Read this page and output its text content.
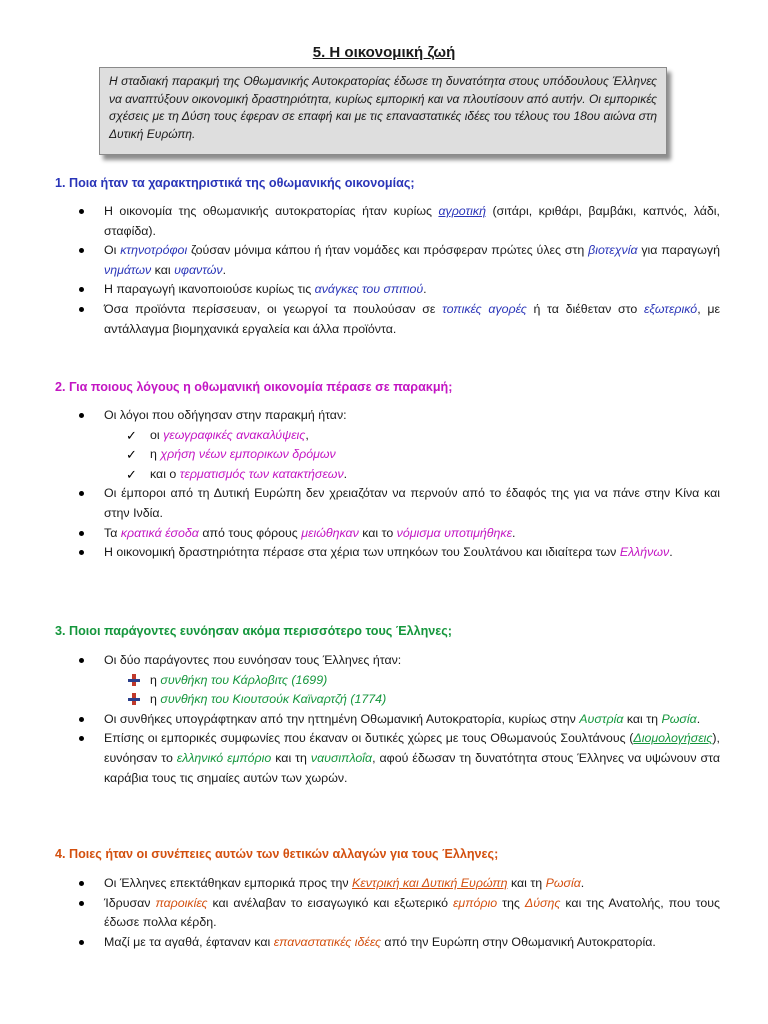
5. Η οικονομική ζωή
Η σταδιακή παρακμή της Οθωμανικής Αυτοκρατορίας έδωσε τη δυνατότητα στους υπόδουλους Έλληνες να αναπτύξουν οικονομική δραστηριότητα, κυρίως εμπορική και να πλουτίσουν από αυτήν. Οι εμπορικές σχέσεις με τη Δύση τους έφεραν σε επαφή και με τις επαναστατικές ιδέες του τέλους του 18ου αιώνα στη Δυτική Ευρώπη.
1. Ποια ήταν τα χαρακτηριστικά της οθωμανικής οικονομίας;
Η οικονομία της οθωμανικής αυτοκρατορίας ήταν κυρίως αγροτική (σιτάρι, κριθάρι, βαμβάκι, καπνός, λάδι, σταφίδα).
Οι κτηνοτρόφοι ζούσαν μόνιμα κάπου ή ήταν νομάδες και πρόσφεραν πρώτες ύλες στη βιοτεχνία για παραγωγή νημάτων και υφαντών.
Η παραγωγή ικανοποιούσε κυρίως τις ανάγκες του σπιτιού.
Όσα προϊόντα περίσσευαν, οι γεωργοί τα πουλούσαν σε τοπικές αγορές ή τα διέθεταν στο εξωτερικό, με αντάλλαγμα βιομηχανικά εργαλεία και άλλα προϊόντα.
2. Για ποιους λόγους η οθωμανική οικονομία πέρασε σε παρακμή;
Οι λόγοι που οδήγησαν στην παρακμή ήταν:
✓ οι γεωγραφικές ανακαλύψεις,
✓ η χρήση νέων εμπορικων δρόμων
✓ και ο τερματισμός των κατακτήσεων.
Οι έμποροι από τη Δυτική Ευρώπη δεν χρειαζόταν να περνούν από το έδαφός της για να πάνε στην Κίνα και στην Ινδία.
Τα κρατικά έσοδα από τους φόρους μειώθηκαν και το νόμισμα υποτιμήθηκε.
Η οικονομική δραστηριότητα πέρασε στα χέρια των υπηκόων του Σουλτάνου και ιδιαίτερα των Ελλήνων.
3. Ποιοι παράγοντες ευνόησαν ακόμα περισσότερο τους Έλληνες;
Οι δύο παράγοντες που ευνόησαν τους Έλληνες ήταν:
η συνθήκη του Κάρλοβιτς (1699)
η συνθήκη του Κιουτσούκ Καϊναρτζή (1774)
Οι συνθήκες υπογράφτηκαν από την ηττημένη Οθωμανική Αυτοκρατορία, κυρίως στην Αυστρία και τη Ρωσία.
Επίσης οι εμπορικές συμφωνίες που έκαναν οι δυτικές χώρες με τους Οθωμανούς Σουλτάνους (Διομολογήσεις), ευνόησαν το ελληνικό εμπόριο και τη ναυσιπλοΐα, αφού έδωσαν τη δυνατότητα στους Έλληνες να υψώνουν στα καράβια τους τις σημαίες αυτών των χωρών.
4. Ποιες ήταν οι συνέπειες αυτών των θετικών αλλαγών για τους Έλληνες;
Οι Έλληνες επεκτάθηκαν εμπορικά προς την Κεντρική και Δυτική Ευρώπη και τη Ρωσία.
Ίδρυσαν παροικίες και ανέλαβαν το εισαγωγικό και εξωτερικό εμπόριο της Δύσης και της Ανατολής, που τους έδωσε πολλα κέρδη.
Μαζί με τα αγαθά, έφταναν και επαναστατικές ιδέες από την Ευρώπη στην Οθωμανική Αυτοκρατορία.
